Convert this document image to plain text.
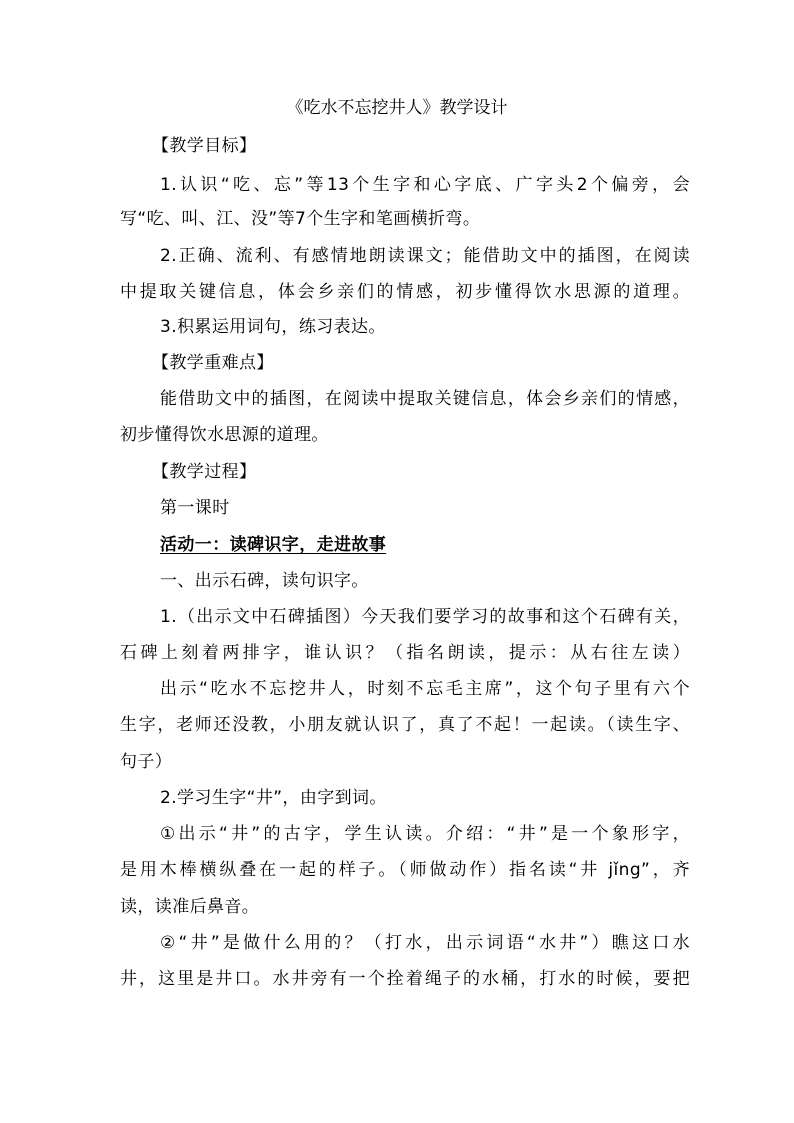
《吃水不忘挖井人》教学设计
【教学目标】
1.认识“吃、忘”等13个生字和心字底、广字头2个偏旁，会
写“吃、叫、江、没”等7个生字和笔画横折弯。
2.正确、流利、有感情地朗读课文；能借助文中的插图，在阅读
中提取关键信息，体会乡亲们的情感，初步懂得饮水思源的道理。
3.积累运用词句，练习表达。
【教学重难点】
能借助文中的插图，在阅读中提取关键信息，体会乡亲们的情感，
初步懂得饮水思源的道理。
【教学过程】
第一课时
活动一：读碑识字，走进故事
一、出示石碑，读句识字。
1.（出示文中石碑插图）今天我们要学习的故事和这个石碑有关，
石碑上刻着两排字，谁认识？（指名朗读，提示：从右往左读）
出示“吃水不忘挖井人，时刻不忘毛主席”，这个句子里有六个
生字，老师还没教，小朋友就认识了，真了不起！一起读。（读生字、
句子）
2.学习生字“井”，由字到词。
①出示“井”的古字，学生认读。介绍：“井”是一个象形字，
是用木棒横纵叠在一起的样子。（师做动作）指名读“井 jǐng”，齐
读，读准后鼻音。
②“井”是做什么用的？（打水，出示词语“水井”）瞧这口水
井，这里是井口。水井旁有一个拴着绳子的水桶，打水的时候，要把
